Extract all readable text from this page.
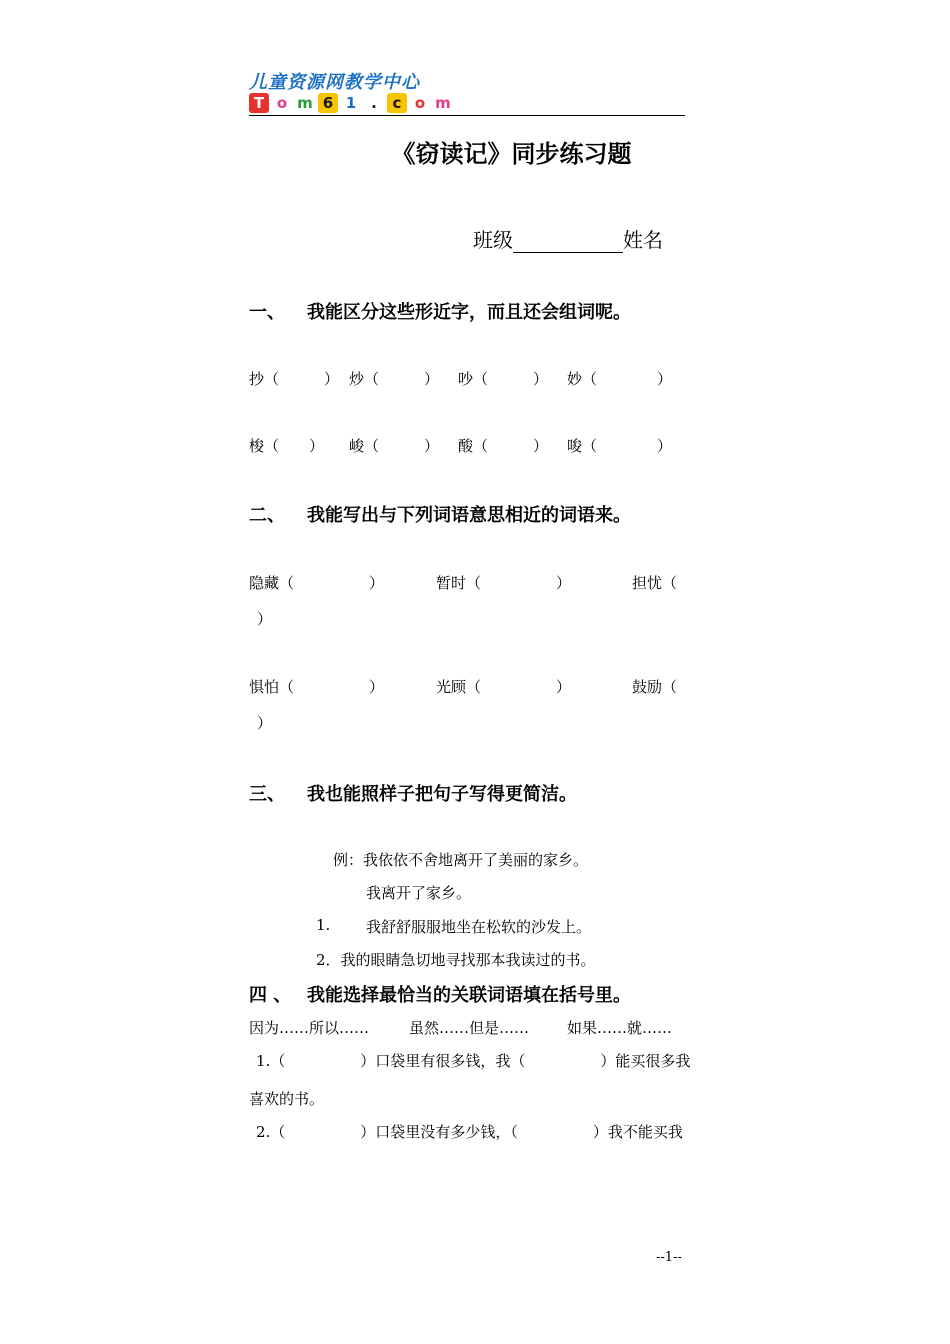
儿童资源网教学中心
T o m 6 1 .	c o m
《窃读记》同步练习题
班级	姓名
一、 我能区分这些形近字，而且还会组词呢。
抄（　　　） 炒（　　　） 吵（　　　） 妙（　　　　）
梭（　　） 峻（　　　） 酸（　　　） 唆（　　　　）
二、 我能写出与下列词语意思相近的词语来。
隐藏（　　　　　）	暂时（　　　　　）	担忧（
）
惧怕（　　　　　）	光顾（　　　　　）	鼓励（
）
三、 我也能照样子把句子写得更简洁。
例：我依依不舍地离开了美丽的家乡。
我离开了家乡。
1. 我舒舒服服地坐在松软的沙发上。
2．我的眼睛急切地寻找那本我读过的书。
四 、 我能选择最恰当的关联词语填在括号里。
因为……所以……	虽然……但是……	如果……就……
1.（　　　　　）口袋里有很多钱，我（　　　　　）能买很多我
喜欢的书。
2.（　　　　　）口袋里没有多少钱，（　　　　　）我不能买我
--1--
